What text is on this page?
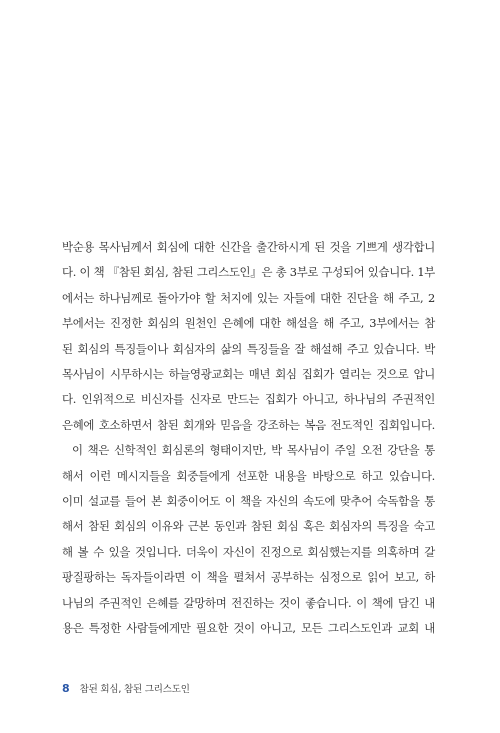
박순용 목사님께서 회심에 대한 신간을 출간하시게 된 것을 기쁘게 생각합니
다. 이 책 『참된 회심, 참된 그리스도인』은 총 3부로 구성되어 있습니다. 1부
에서는 하나님께로 돌아가야 할 처지에 있는 자들에 대한 진단을 해 주고, 2
부에서는 진정한 회심의 원천인 은혜에 대한 해설을 해 주고, 3부에서는 참
된 회심의 특징들이나 회심자의 삶의 특징들을 잘 해설해 주고 있습니다. 박
목사님이 시무하시는 하늘영광교회는 매년 회심 집회가 열리는 것으로 압니
다. 인위적으로 비신자를 신자로 만드는 집회가 아니고, 하나님의 주권적인
은혜에 호소하면서 참된 회개와 믿음을 강조하는 복음 전도적인 집회입니다.
이 책은 신학적인 회심론의 형태이지만, 박 목사님이 주일 오전 강단을 통
해서 이런 메시지들을 회중들에게 선포한 내용을 바탕으로 하고 있습니다.
이미 설교를 들어 본 회중이어도 이 책을 자신의 속도에 맞추어 숙독함을 통
해서 참된 회심의 이유와 근본 동인과 참된 회심 혹은 회심자의 특징을 숙고
해 볼 수 있을 것입니다. 더욱이 자신이 진정으로 회심했는지를 의혹하며 갈
팡질팡하는 독자들이라면 이 책을 펼쳐서 공부하는 심정으로 읽어 보고, 하
나님의 주권적인 은혜를 갈망하며 전진하는 것이 좋습니다. 이 책에 담긴 내
용은 특정한 사람들에게만 필요한 것이 아니고, 모든 그리스도인과 교회 내
8 참된 회심, 참된 그리스도인
